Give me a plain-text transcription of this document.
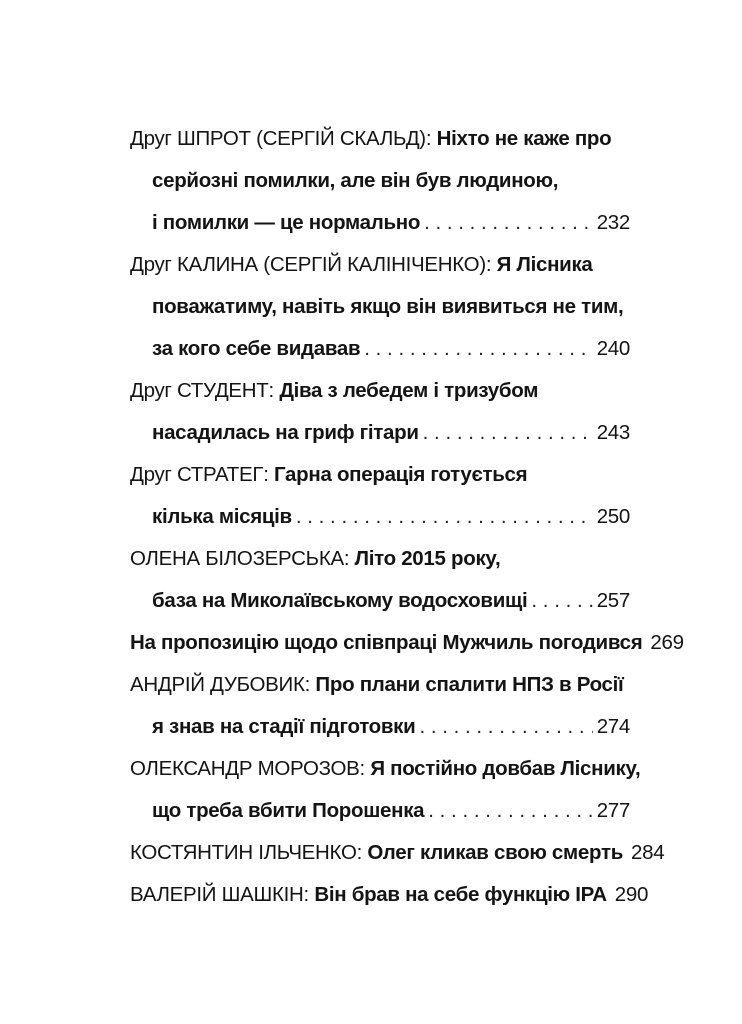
Друг ШПРОТ (СЕРГІЙ СКАЛЬД):
Ніхто не каже про
серйозні помилки, але він був людиною,
і помилки — це нормально . . .	232
Друг КАЛИНА (СЕРГІЙ КАЛІНІЧЕНКО):
Я Лісника
поважатиму, навіть якщо він виявиться не тим,
за кого себе видавав . . .	240
Друг СТУДЕНТ:
Діва з лебедем і тризубом
насадилась на гриф гітари . . .	243
Друг СТРАТЕГ:
Гарна операція готується
кілька місяців . . .	250
ОЛЕНА БІЛОЗЕРСЬКА:
Літо 2015 року,
база на Миколаївському водосховищі . . .	257
На пропозицію щодо співпраці Мужчиль погодився 269
АНДРІЙ ДУБОВИК:
Про плани спалити НПЗ в Росії
я знав на стадії підготовки . . .	274
ОЛЕКСАНДР МОРОЗОВ:
Я постійно довбав Ліснику,
що треба вбити Порошенка . . .	277
КОСТЯНТИН ІЛЬЧЕНКО:
Олег кликав свою смерть 284
ВАЛЕРІЙ ШАШКІН:
Він брав на себе функцію ІРА 290
